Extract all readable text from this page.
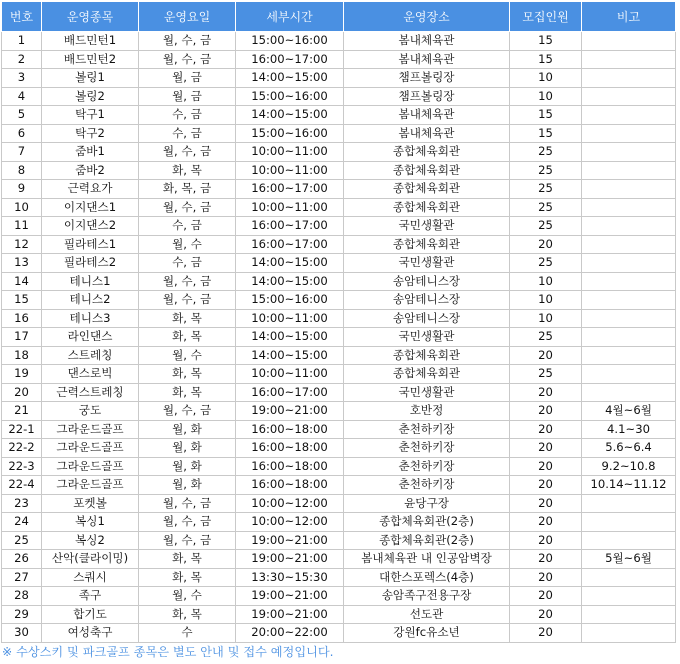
번호	운영종목	운영요일	세부시간	운영장소	모집인원	비고
1	배드민턴1	월, 수, 금	15:00~16:00	봄내체육관	15	
2	배드민턴2	월, 수, 금	16:00~17:00	봄내체육관	15	
3	볼링1	월, 금	14:00~15:00	챔프볼링장	10	
4	볼링2	월, 금	15:00~16:00	챔프볼링장	10	
5	탁구1	수, 금	14:00~15:00	봄내체육관	15	
6	탁구2	수, 금	15:00~16:00	봄내체육관	15	
7	줌바1	월, 수, 금	10:00~11:00	종합체육회관	25	
8	줌바2	화, 목	10:00~11:00	종합체육회관	25	
9	근력요가	화, 목, 금	16:00~17:00	종합체육회관	25	
10	이지댄스1	월, 수, 금	10:00~11:00	종합체육회관	25	
11	이지댄스2	수, 금	16:00~17:00	국민생활관	25	
12	필라테스1	월, 수	16:00~17:00	종합체육회관	20	
13	필라테스2	수, 금	14:00~15:00	국민생활관	25	
14	테니스1	월, 수, 금	14:00~15:00	송암테니스장	10	
15	테니스2	월, 수, 금	15:00~16:00	송암테니스장	10	
16	테니스3	화, 목	10:00~11:00	송암테니스장	10	
17	라인댄스	화, 목	14:00~15:00	국민생활관	25	
18	스트레칭	월, 수	14:00~15:00	종합체육회관	20	
19	댄스로빅	화, 목	10:00~11:00	종합체육회관	25	
20	근력스트레칭	화, 목	16:00~17:00	국민생활관	20	
21	궁도	월, 수, 금	19:00~21:00	호반정	20	4월~6월
22-1	그라운드골프	월, 화	16:00~18:00	춘천하키장	20	4.1~30
22-2	그라운드골프	월, 화	16:00~18:00	춘천하키장	20	5.6~6.4
22-3	그라운드골프	월, 화	16:00~18:00	춘천하키장	20	9.2~10.8
22-4	그라운드골프	월, 화	16:00~18:00	춘천하키장	20	10.14~11.12
23	포켓볼	월, 수, 금	10:00~12:00	윤당구장	20	
24	복싱1	월, 수, 금	10:00~12:00	종합체육회관(2층)	20	
25	복싱2	월, 수, 금	19:00~21:00	종합체육회관(2층)	20	
26	산악(클라이밍)	화, 목	19:00~21:00	봄내체육관 내 인공암벽장	20	5월~6월
27	스쿼시	화, 목	13:30~15:30	대한스포렉스(4층)	20	
28	족구	월, 수	19:00~21:00	송암족구전용구장	20	
29	합기도	화, 목	19:00~21:00	선도관	20	
30	여성축구	수	20:00~22:00	강원fc유소년	20	
※ 수상스키 및 파크골프 종목은 별도 안내 및 접수 예정입니다.
